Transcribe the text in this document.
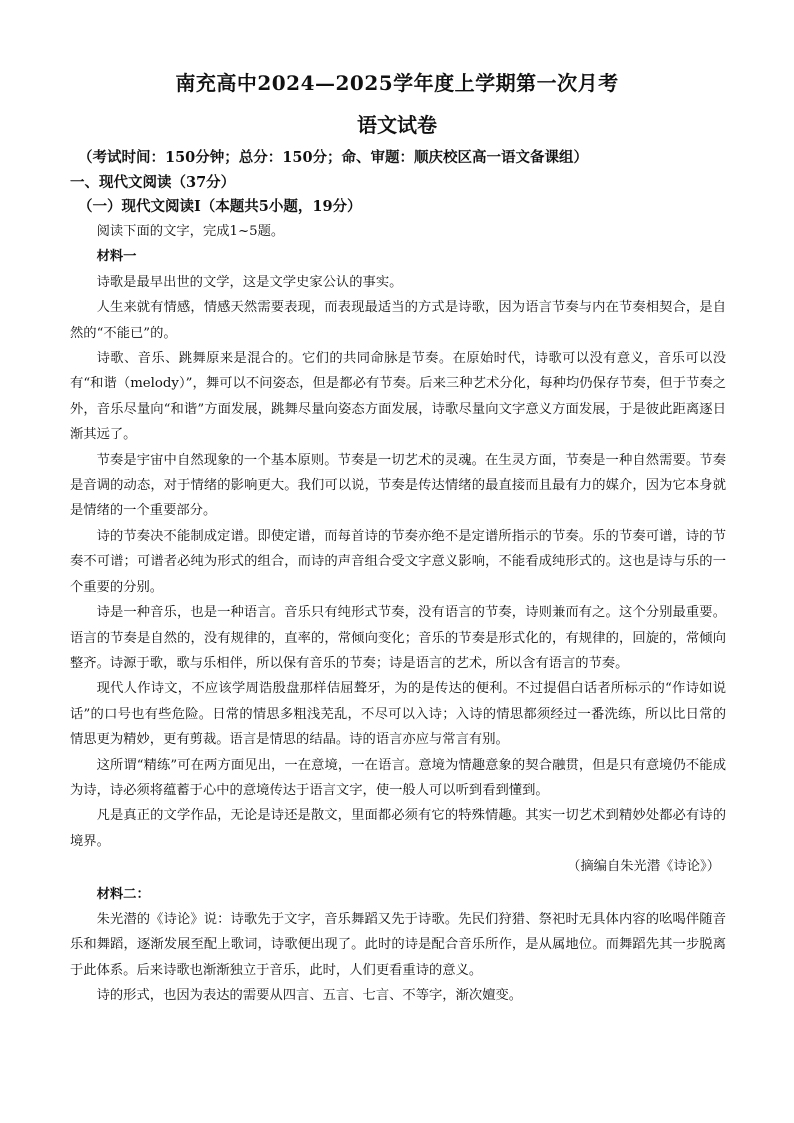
南充高中2024—2025学年度上学期第一次月考
语文试卷
（考试时间：150分钟；总分：150分；命、审题：顺庆校区高一语文备课组）
一、现代文阅读（37分）
（一）现代文阅读Ⅰ（本题共5小题，19分）

阅读下面的文字，完成1~5题。

材料一

诗歌是最早出世的文学，这是文学史家公认的事实。

人生来就有情感，情感天然需要表现，而表现最适当的方式是诗歌，因为语言节奏与内在节奏相契合，是自然的“不能已”的。

诗歌、音乐、跳舞原来是混合的。它们的共同命脉是节奏。在原始时代，诗歌可以没有意义，音乐可以没有“和谐（melody）”，舞可以不问姿态，但是都必有节奏。后来三种艺术分化，每种均仍保存节奏，但于节奏之外，音乐尽量向“和谐”方面发展，跳舞尽量向姿态方面发展，诗歌尽量向文字意义方面发展，于是彼此距离逐日渐其远了。

节奏是宇宙中自然现象的一个基本原则。节奏是一切艺术的灵魂。在生灵方面，节奏是一种自然需要。节奏是音调的动态，对于情绪的影响更大。我们可以说，节奏是传达情绪的最直接而且最有力的媒介，因为它本身就是情绪的一个重要部分。

诗的节奏决不能制成定谱。即使定谱，而每首诗的节奏亦绝不是定谱所指示的节奏。乐的节奏可谱，诗的节奏不可谱；可谱者必纯为形式的组合，而诗的声音组合受文字意义影响，不能看成纯形式的。这也是诗与乐的一个重要的分别。

诗是一种音乐，也是一种语言。音乐只有纯形式节奏，没有语言的节奏，诗则兼而有之。这个分别最重要。语言的节奏是自然的，没有规律的，直率的，常倾向变化；音乐的节奏是形式化的，有规律的，回旋的，常倾向整齐。诗源于歌，歌与乐相伴，所以保有音乐的节奏；诗是语言的艺术，所以含有语言的节奏。

现代人作诗文，不应该学周诰殷盘那样佶屈聱牙，为的是传达的便利。不过提倡白话者所标示的“作诗如说话”的口号也有些危险。日常的情思多粗浅芜乱，不尽可以入诗；入诗的情思都须经过一番洗练，所以比日常的情思更为精妙，更有剪裁。语言是情思的结晶。诗的语言亦应与常言有别。

这所谓“精练”可在两方面见出，一在意境，一在语言。意境为情趣意象的契合融贯，但是只有意境仍不能成为诗，诗必须将蕴蓄于心中的意境传达于语言文字，使一般人可以听到看到懂到。

凡是真正的文学作品，无论是诗还是散文，里面都必须有它的特殊情趣。其实一切艺术到精妙处都必有诗的境界。

（摘编自朱光潜《诗论》）

材料二：

朱光潜的《诗论》说：诗歌先于文字，音乐舞蹈又先于诗歌。先民们狩猎、祭祀时无具体内容的吆喝伴随音乐和舞蹈，逐渐发展至配上歌词，诗歌便出现了。此时的诗是配合音乐所作，是从属地位。而舞蹈先其一步脱离于此体系。后来诗歌也渐渐独立于音乐，此时，人们更看重诗的意义。

诗的形式，也因为表达的需要从四言、五言、七言、不等字，渐次嬗变。
